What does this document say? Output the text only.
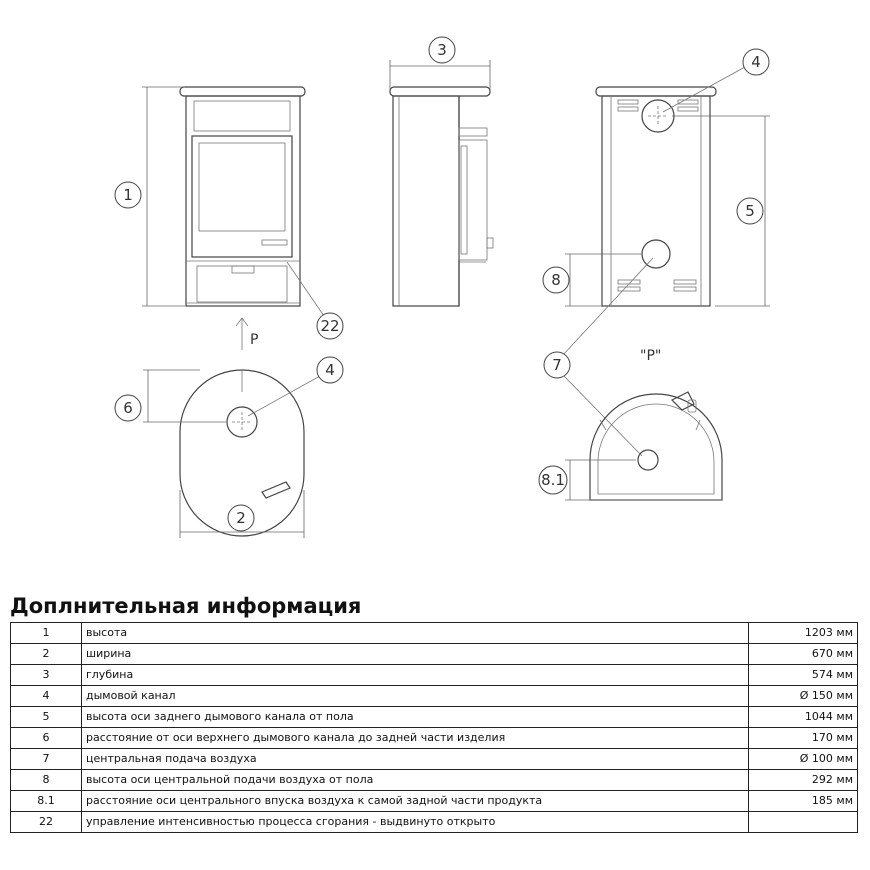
1
22
P
3
5
8
4
7
6
2
4
"P"
8.1
Доплнительная информация
1	высота	1203 мм
2	ширина	670 мм
3	глубина	574 мм
4	дымовой канал	Ø 150 мм
5	высота оси заднего дымового канала от пола	1044 мм
6	расстояние от оси верхнего дымового канала до задней части изделия	170 мм
7	центральная подача воздуха	Ø 100 мм
8	высота оси центральной подачи воздуха от пола	292 мм
8.1	расстояние оси центрального впуска воздуха к самой задной части продукта	185 мм
22	управление интенсивностью процесса сгорания - выдвинуто открыто	
